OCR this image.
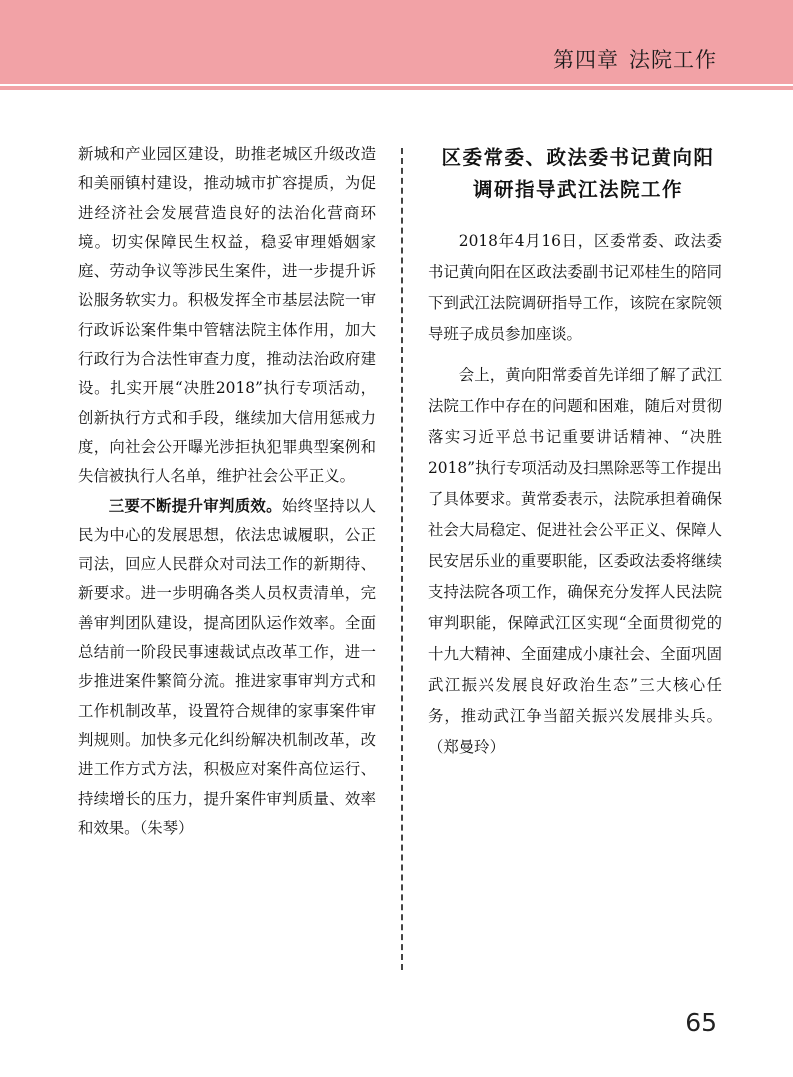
第四章 法院工作

新城和产业园区建设，助推老城区升级改造和美丽镇村建设，推动城市扩容提质，为促进经济社会发展营造良好的法治化营商环境。切实保障民生权益，稳妥审理婚姻家庭、劳动争议等涉民生案件，进一步提升诉讼服务软实力。积极发挥全市基层法院一审行政诉讼案件集中管辖法院主体作用，加大行政行为合法性审查力度，推动法治政府建设。扎实开展“决胜2018”执行专项活动，创新执行方式和手段，继续加大信用惩戒力度，向社会公开曝光涉拒执犯罪典型案例和失信被执行人名单，维护社会公平正义。

三要不断提升审判质效。始终坚持以人民为中心的发展思想，依法忠诚履职，公正司法，回应人民群众对司法工作的新期待、新要求。进一步明确各类人员权责清单，完善审判团队建设，提高团队运作效率。全面总结前一阶段民事速裁试点改革工作，进一步推进案件繁简分流。推进家事审判方式和工作机制改革，设置符合规律的家事案件审判规则。加快多元化纠纷解决机制改革，改进工作方式方法，积极应对案件高位运行、持续增长的压力，提升案件审判质量、效率和效果。（朱琴）

区委常委、政法委书记黄向阳
调研指导武江法院工作

2018年4月16日，区委常委、政法委书记黄向阳在区政法委副书记邓桂生的陪同下到武江法院调研指导工作，该院在家院领导班子成员参加座谈。

会上，黄向阳常委首先详细了解了武江法院工作中存在的问题和困难，随后对贯彻落实习近平总书记重要讲话精神、“决胜2018”执行专项活动及扫黑除恶等工作提出了具体要求。黄常委表示，法院承担着确保社会大局稳定、促进社会公平正义、保障人民安居乐业的重要职能，区委政法委将继续支持法院各项工作，确保充分发挥人民法院审判职能，保障武江区实现“全面贯彻党的十九大精神、全面建成小康社会、全面巩固武江振兴发展良好政治生态”三大核心任务，推动武江争当韶关振兴发展排头兵。（郑曼玲）

65
